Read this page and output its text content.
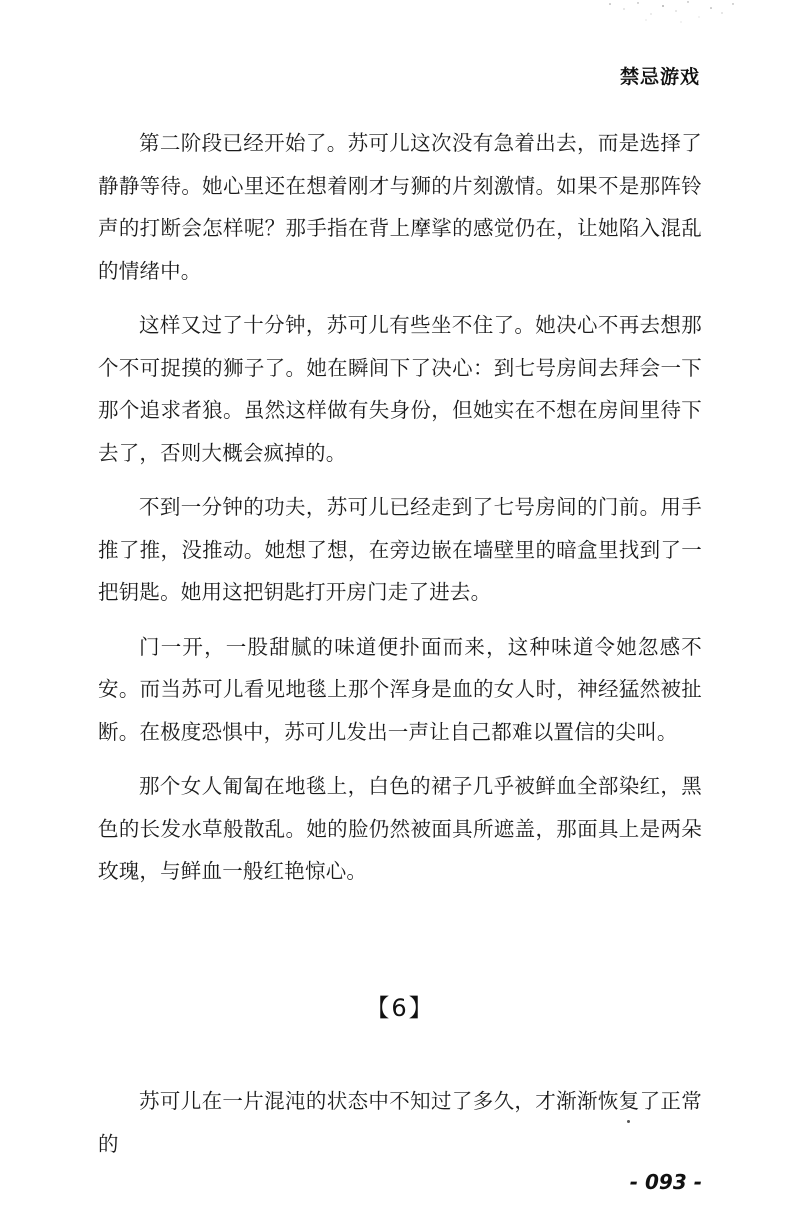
禁忌游戏

第二阶段已经开始了。苏可儿这次没有急着出去，而是选择了静静等待。她心里还在想着刚才与狮的片刻激情。如果不是那阵铃声的打断会怎样呢？那手指在背上摩挲的感觉仍在，让她陷入混乱的情绪中。

这样又过了十分钟，苏可儿有些坐不住了。她决心不再去想那个不可捉摸的狮子了。她在瞬间下了决心：到七号房间去拜会一下那个追求者狼。虽然这样做有失身份，但她实在不想在房间里待下去了，否则大概会疯掉的。

不到一分钟的功夫，苏可儿已经走到了七号房间的门前。用手推了推，没推动。她想了想，在旁边嵌在墙壁里的暗盒里找到了一把钥匙。她用这把钥匙打开房门走了进去。

门一开，一股甜腻的味道便扑面而来，这种味道令她忽感不安。而当苏可儿看见地毯上那个浑身是血的女人时，神经猛然被扯断。在极度恐惧中，苏可儿发出一声让自己都难以置信的尖叫。

那个女人匍匐在地毯上，白色的裙子几乎被鲜血全部染红，黑色的长发水草般散乱。她的脸仍然被面具所遮盖，那面具上是两朵玫瑰，与鲜血一般红艳惊心。

【6】

苏可儿在一片混沌的状态中不知过了多久，才渐渐恢复了正常的

- 093 -
